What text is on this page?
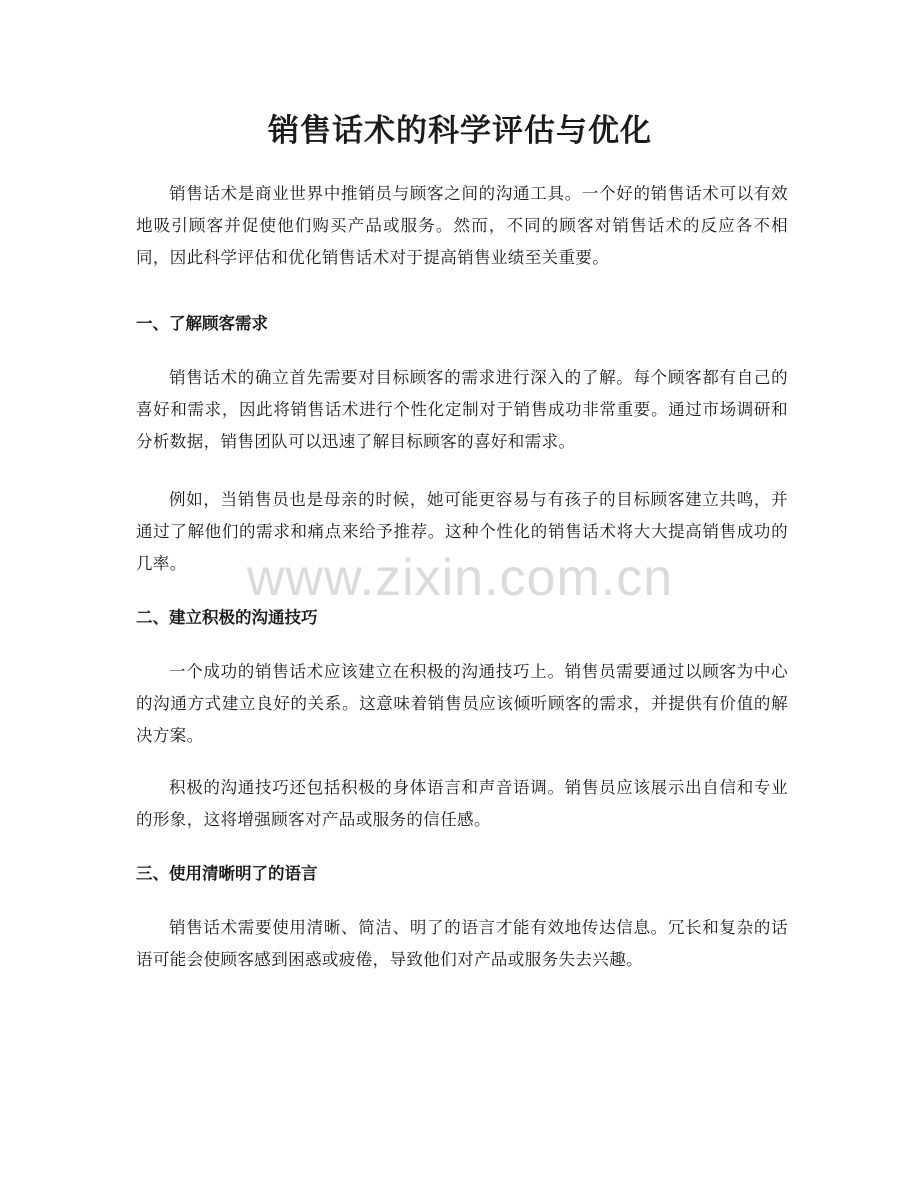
销售话术的科学评估与优化

销售话术是商业世界中推销员与顾客之间的沟通工具。一个好的销售话术可以有效地吸引顾客并促使他们购买产品或服务。然而，不同的顾客对销售话术的反应各不相同，因此科学评估和优化销售话术对于提高销售业绩至关重要。

一、了解顾客需求

销售话术的确立首先需要对目标顾客的需求进行深入的了解。每个顾客都有自己的喜好和需求，因此将销售话术进行个性化定制对于销售成功非常重要。通过市场调研和分析数据，销售团队可以迅速了解目标顾客的喜好和需求。

例如，当销售员也是母亲的时候，她可能更容易与有孩子的目标顾客建立共鸣，并通过了解他们的需求和痛点来给予推荐。这种个性化的销售话术将大大提高销售成功的几率。

二、建立积极的沟通技巧

一个成功的销售话术应该建立在积极的沟通技巧上。销售员需要通过以顾客为中心的沟通方式建立良好的关系。这意味着销售员应该倾听顾客的需求，并提供有价值的解决方案。

积极的沟通技巧还包括积极的身体语言和声音语调。销售员应该展示出自信和专业的形象，这将增强顾客对产品或服务的信任感。

三、使用清晰明了的语言

销售话术需要使用清晰、简洁、明了的语言才能有效地传达信息。冗长和复杂的话语可能会使顾客感到困惑或疲倦，导致他们对产品或服务失去兴趣。

www.zixin.com.cn
